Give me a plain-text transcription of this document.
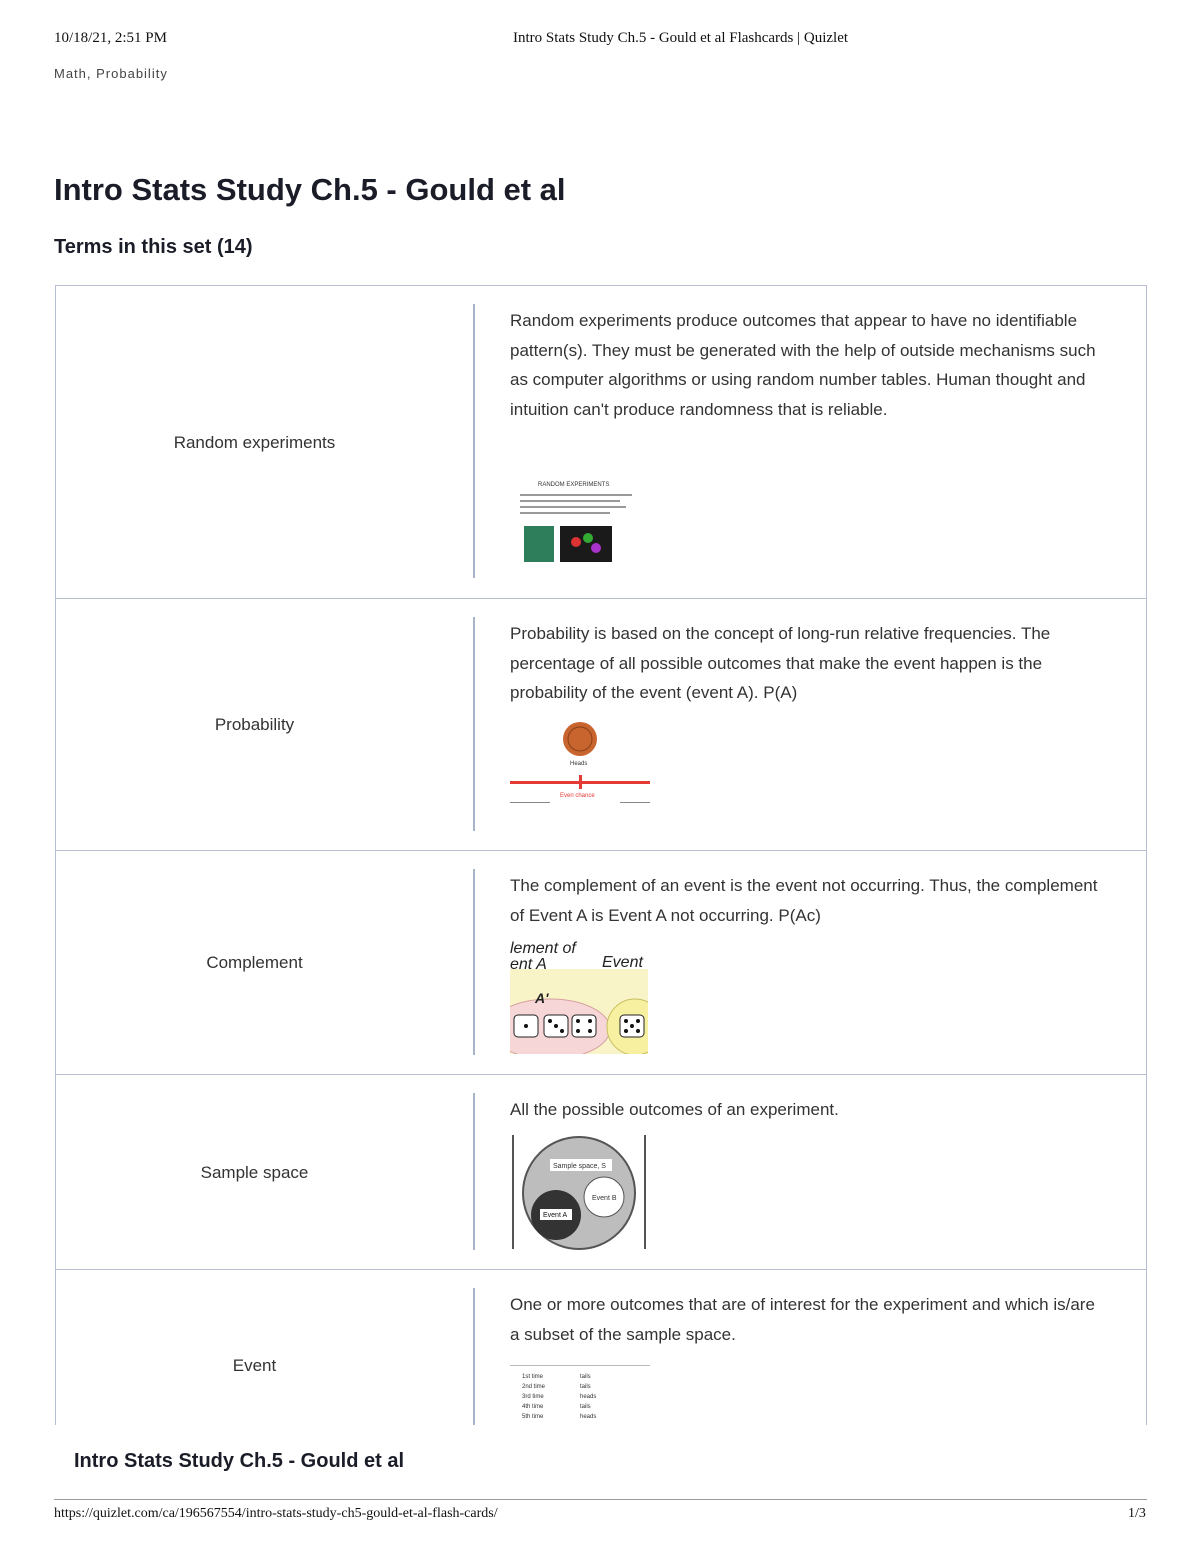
10/18/21, 2:51 PM	Intro Stats Study Ch.5 - Gould et al Flashcards | Quizlet
Math, Probability
Intro Stats Study Ch.5 - Gould et al
Terms in this set (14)
Random experiments
Random experiments produce outcomes that appear to have no identifiable pattern(s). They must be generated with the help of outside mechanisms such as computer algorithms or using random number tables. Human thought and intuition can't produce randomness that is reliable.
RANDOM EXPERIMENTS
Probability
Probability is based on the concept of long-run relative frequencies. The percentage of all possible outcomes that make the event happen is the probability of the event (event A). P(A)
Heads
Even chance
Complement
The complement of an event is the event not occurring. Thus, the complement of Event A is Event A not occurring. P(Ac)
lement of
ent A	Event
A'
Sample space
All the possible outcomes of an experiment.
Sample space, S
Event A
Event B
Event
One or more outcomes that are of interest for the experiment and which is/are a subset of the sample space.
1st time	tails
2nd time	tails
3rd time	heads
4th time	tails
5th time	heads
Intro Stats Study Ch.5 - Gould et al
https://quizlet.com/ca/196567554/intro-stats-study-ch5-gould-et-al-flash-cards/	1/3
